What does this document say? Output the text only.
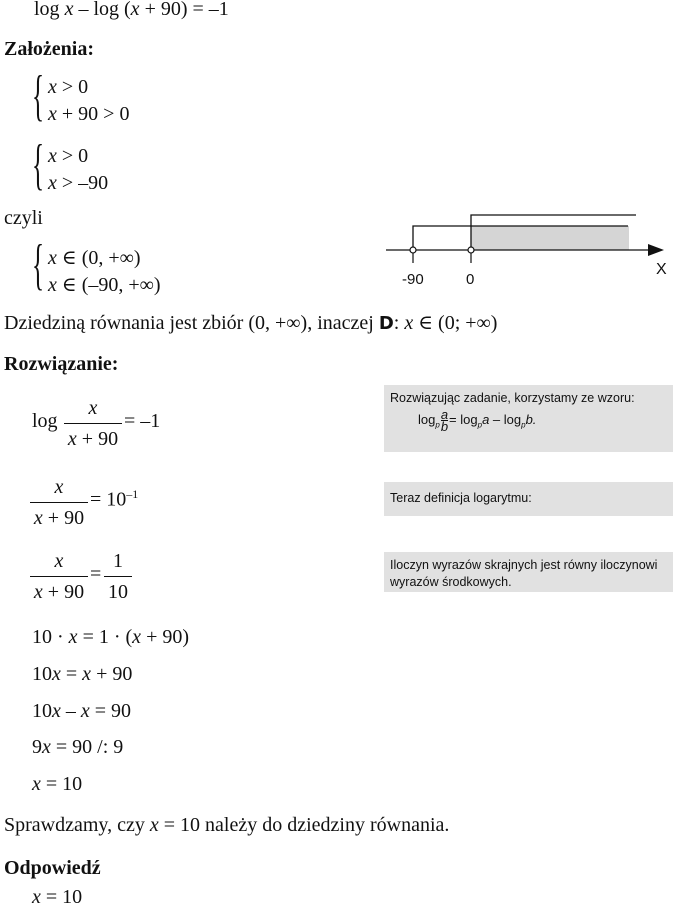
log x – log (x + 90) = –1
Założenia:
{ x > 0
x + 90 > 0
{ x > 0
x > –90
czyli
{ x ∈ (0, +∞)
x ∈ (–90, +∞)	-90	0
X
Dziedziną równania jest zbiór (0, +∞), inaczej D: x ∈ (0; +∞)
Rozwiązanie:
log
x
x + 90
= –1
x
x + 90
= $10^{-1}$
x
x + 90
=
1
10
10 · x = 1 · (x + 90)
10x = x + 90
10x – x = 90
9x = 90 /: 9
x = 10
Sprawdzamy, czy x = 10 należy do dziedziny równania.
Odpowiedź
x = 10
Rozwiązując zadanie, korzystamy ze wzoru:
$\log_p\frac{a}{b} = \log_pa - \log_pb$.
Teraz definicja logarytmu:
Iloczyn wyrazów skrajnych jest równy iloczynowi wyrazów środkowych.
